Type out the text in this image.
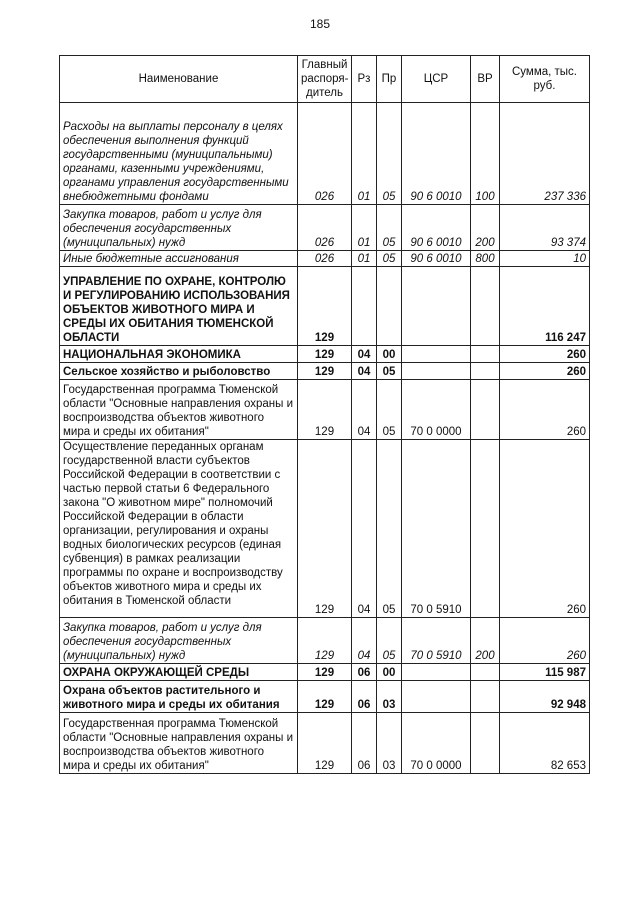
185
Наименование	Главный распоря-дитель	Рз	Пр	ЦСР	ВР	Сумма, тыс. руб.
Расходы на выплаты персоналу в целях обеспечения выполнения функций государственными (муниципальными) органами, казенными учреждениями, органами управления государственными внебюджетными фондами	026	01	05	90 6 0010	100	237 336
Закупка товаров, работ и услуг для обеспечения государственных (муниципальных) нужд	026	01	05	90 6 0010	200	93 374
Иные бюджетные ассигнования	026	01	05	90 6 0010	800	10
УПРАВЛЕНИЕ ПО ОХРАНЕ, КОНТРОЛЮ И РЕГУЛИРОВАНИЮ ИСПОЛЬЗОВАНИЯ ОБЪЕКТОВ ЖИВОТНОГО МИРА И СРЕДЫ ИХ ОБИТАНИЯ ТЮМЕНСКОЙ ОБЛАСТИ	129					116 247
НАЦИОНАЛЬНАЯ ЭКОНОМИКА	129	04	00			260
Сельское хозяйство и рыболовство	129	04	05			260
Государственная программа Тюменской области "Основные направления охраны и воспроизводства объектов животного мира и среды их обитания"	129	04	05	70 0 0000		260

Осуществление переданных органам государственной власти субъектов Российской Федерации в соответствии с частью первой статьи 6 Федерального закона "О животном мире" полномочий Российской Федерации в области организации, регулирования и охраны водных биологических ресурсов (единая субвенция) в рамках реализации программы по охране и воспроизводству объектов животного мира и среды их обитания в Тюменской области	129	04	05	70 0 5910		260
Закупка товаров, работ и услуг для обеспечения государственных (муниципальных) нужд	129	04	05	70 0 5910	200	260
ОХРАНА ОКРУЖАЮЩЕЙ СРЕДЫ	129	06	00			115 987
Охрана объектов растительного и животного мира и среды их обитания	129	06	03			92 948
Государственная программа Тюменской области "Основные направления охраны и воспроизводства объектов животного мира и среды их обитания"	129	06	03	70 0 0000		82 653
